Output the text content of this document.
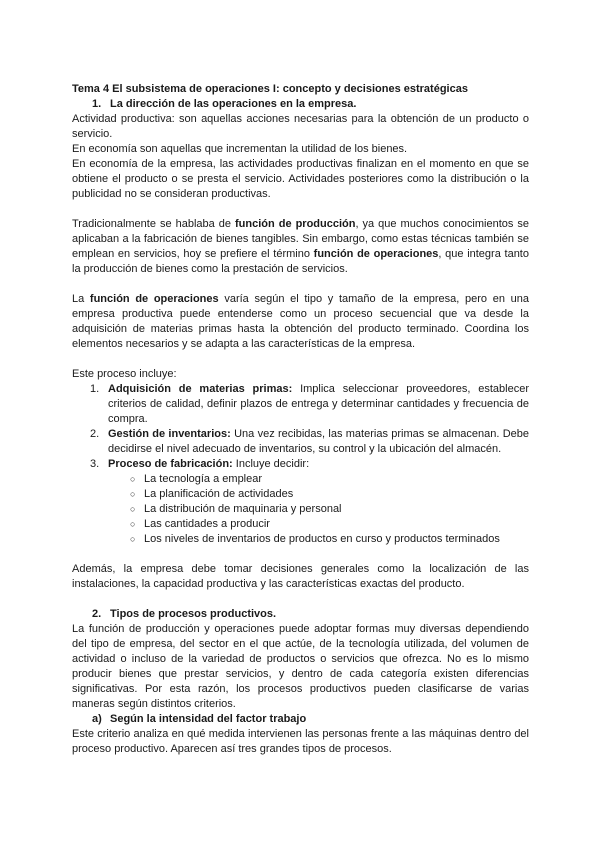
Tema 4 El subsistema de operaciones I: concepto y decisiones estratégicas

1. La dirección de las operaciones en la empresa.

Actividad productiva: son aquellas acciones necesarias para la obtención de un producto o servicio.

En economía son aquellas que incrementan la utilidad de los bienes.

En economía de la empresa, las actividades productivas finalizan en el momento en que se obtiene el producto o se presta el servicio. Actividades posteriores como la distribución o la publicidad no se consideran productivas.

Tradicionalmente se hablaba de función de producción, ya que muchos conocimientos se aplicaban a la fabricación de bienes tangibles. Sin embargo, como estas técnicas también se emplean en servicios, hoy se prefiere el término función de operaciones, que integra tanto la producción de bienes como la prestación de servicios.

La función de operaciones varía según el tipo y tamaño de la empresa, pero en una empresa productiva puede entenderse como un proceso secuencial que va desde la adquisición de materias primas hasta la obtención del producto terminado. Coordina los elementos necesarios y se adapta a las características de la empresa.

Este proceso incluye:

1. Adquisición de materias primas: Implica seleccionar proveedores, establecer criterios de calidad, definir plazos de entrega y determinar cantidades y frecuencia de compra.
2. Gestión de inventarios: Una vez recibidas, las materias primas se almacenan. Debe decidirse el nivel adecuado de inventarios, su control y la ubicación del almacén.
3. Proceso de fabricación: Incluye decidir:
○ La tecnología a emplear
○ La planificación de actividades
○ La distribución de maquinaria y personal
○ Las cantidades a producir
○ Los niveles de inventarios de productos en curso y productos terminados

Además, la empresa debe tomar decisiones generales como la localización de las instalaciones, la capacidad productiva y las características exactas del producto.

2. Tipos de procesos productivos.

La función de producción y operaciones puede adoptar formas muy diversas dependiendo del tipo de empresa, del sector en el que actúe, de la tecnología utilizada, del volumen de actividad o incluso de la variedad de productos o servicios que ofrezca. No es lo mismo producir bienes que prestar servicios, y dentro de cada categoría existen diferencias significativas. Por esta razón, los procesos productivos pueden clasificarse de varias maneras según distintos criterios.

a) Según la intensidad del factor trabajo

Este criterio analiza en qué medida intervienen las personas frente a las máquinas dentro del proceso productivo. Aparecen así tres grandes tipos de procesos.
